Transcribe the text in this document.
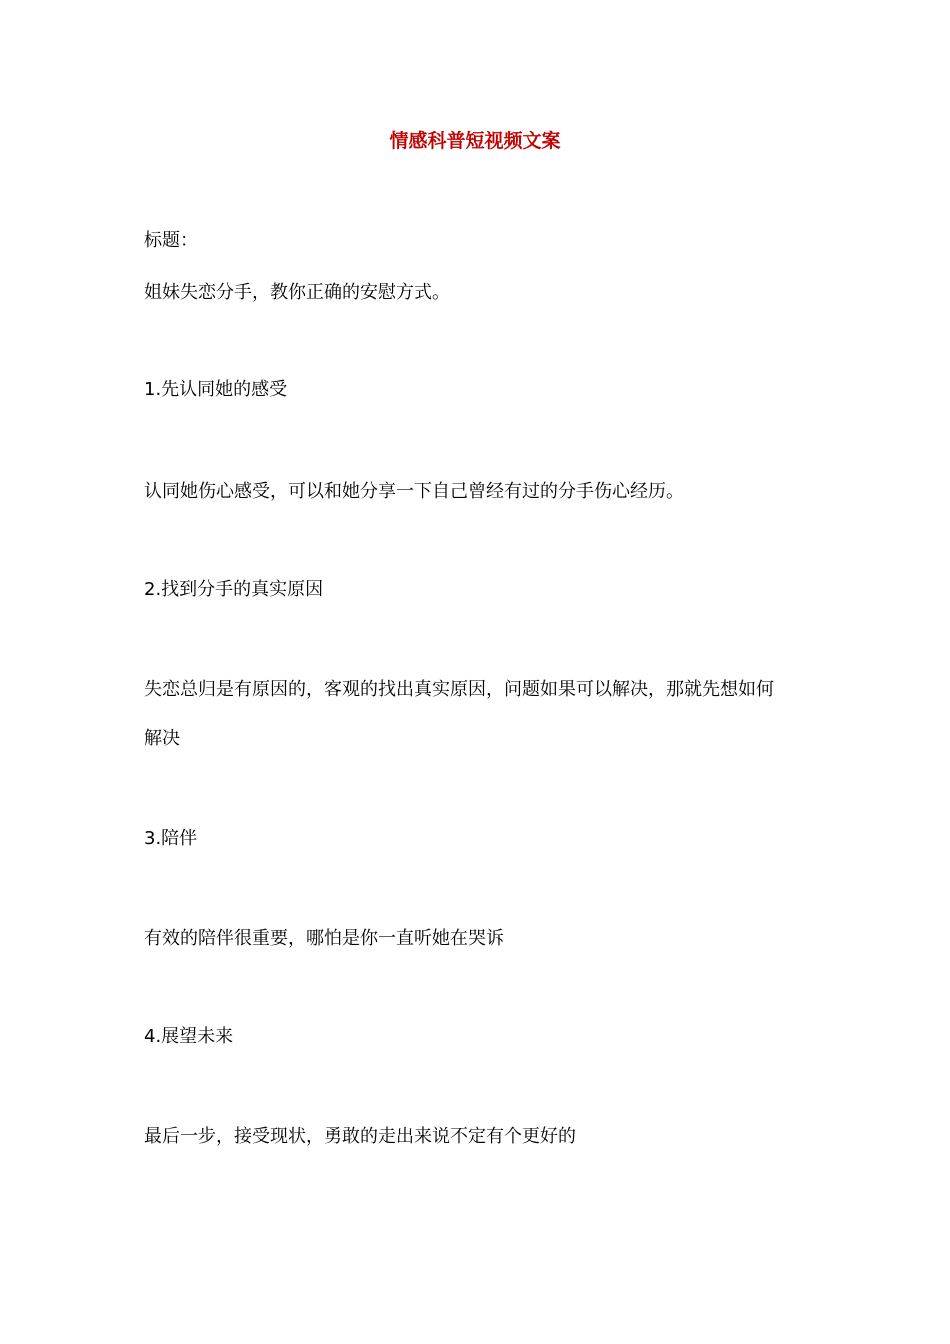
情感科普短视频文案
标题：
姐妹失恋分手，教你正确的安慰方式。
1.先认同她的感受
认同她伤心感受，可以和她分享一下自己曾经有过的分手伤心经历。
2.找到分手的真实原因
失恋总归是有原因的，客观的找出真实原因，问题如果可以解决，那就先想如何
解决
3.陪伴
有效的陪伴很重要，哪怕是你一直听她在哭诉
4.展望未来
最后一步，接受现状，勇敢的走出来说不定有个更好的
